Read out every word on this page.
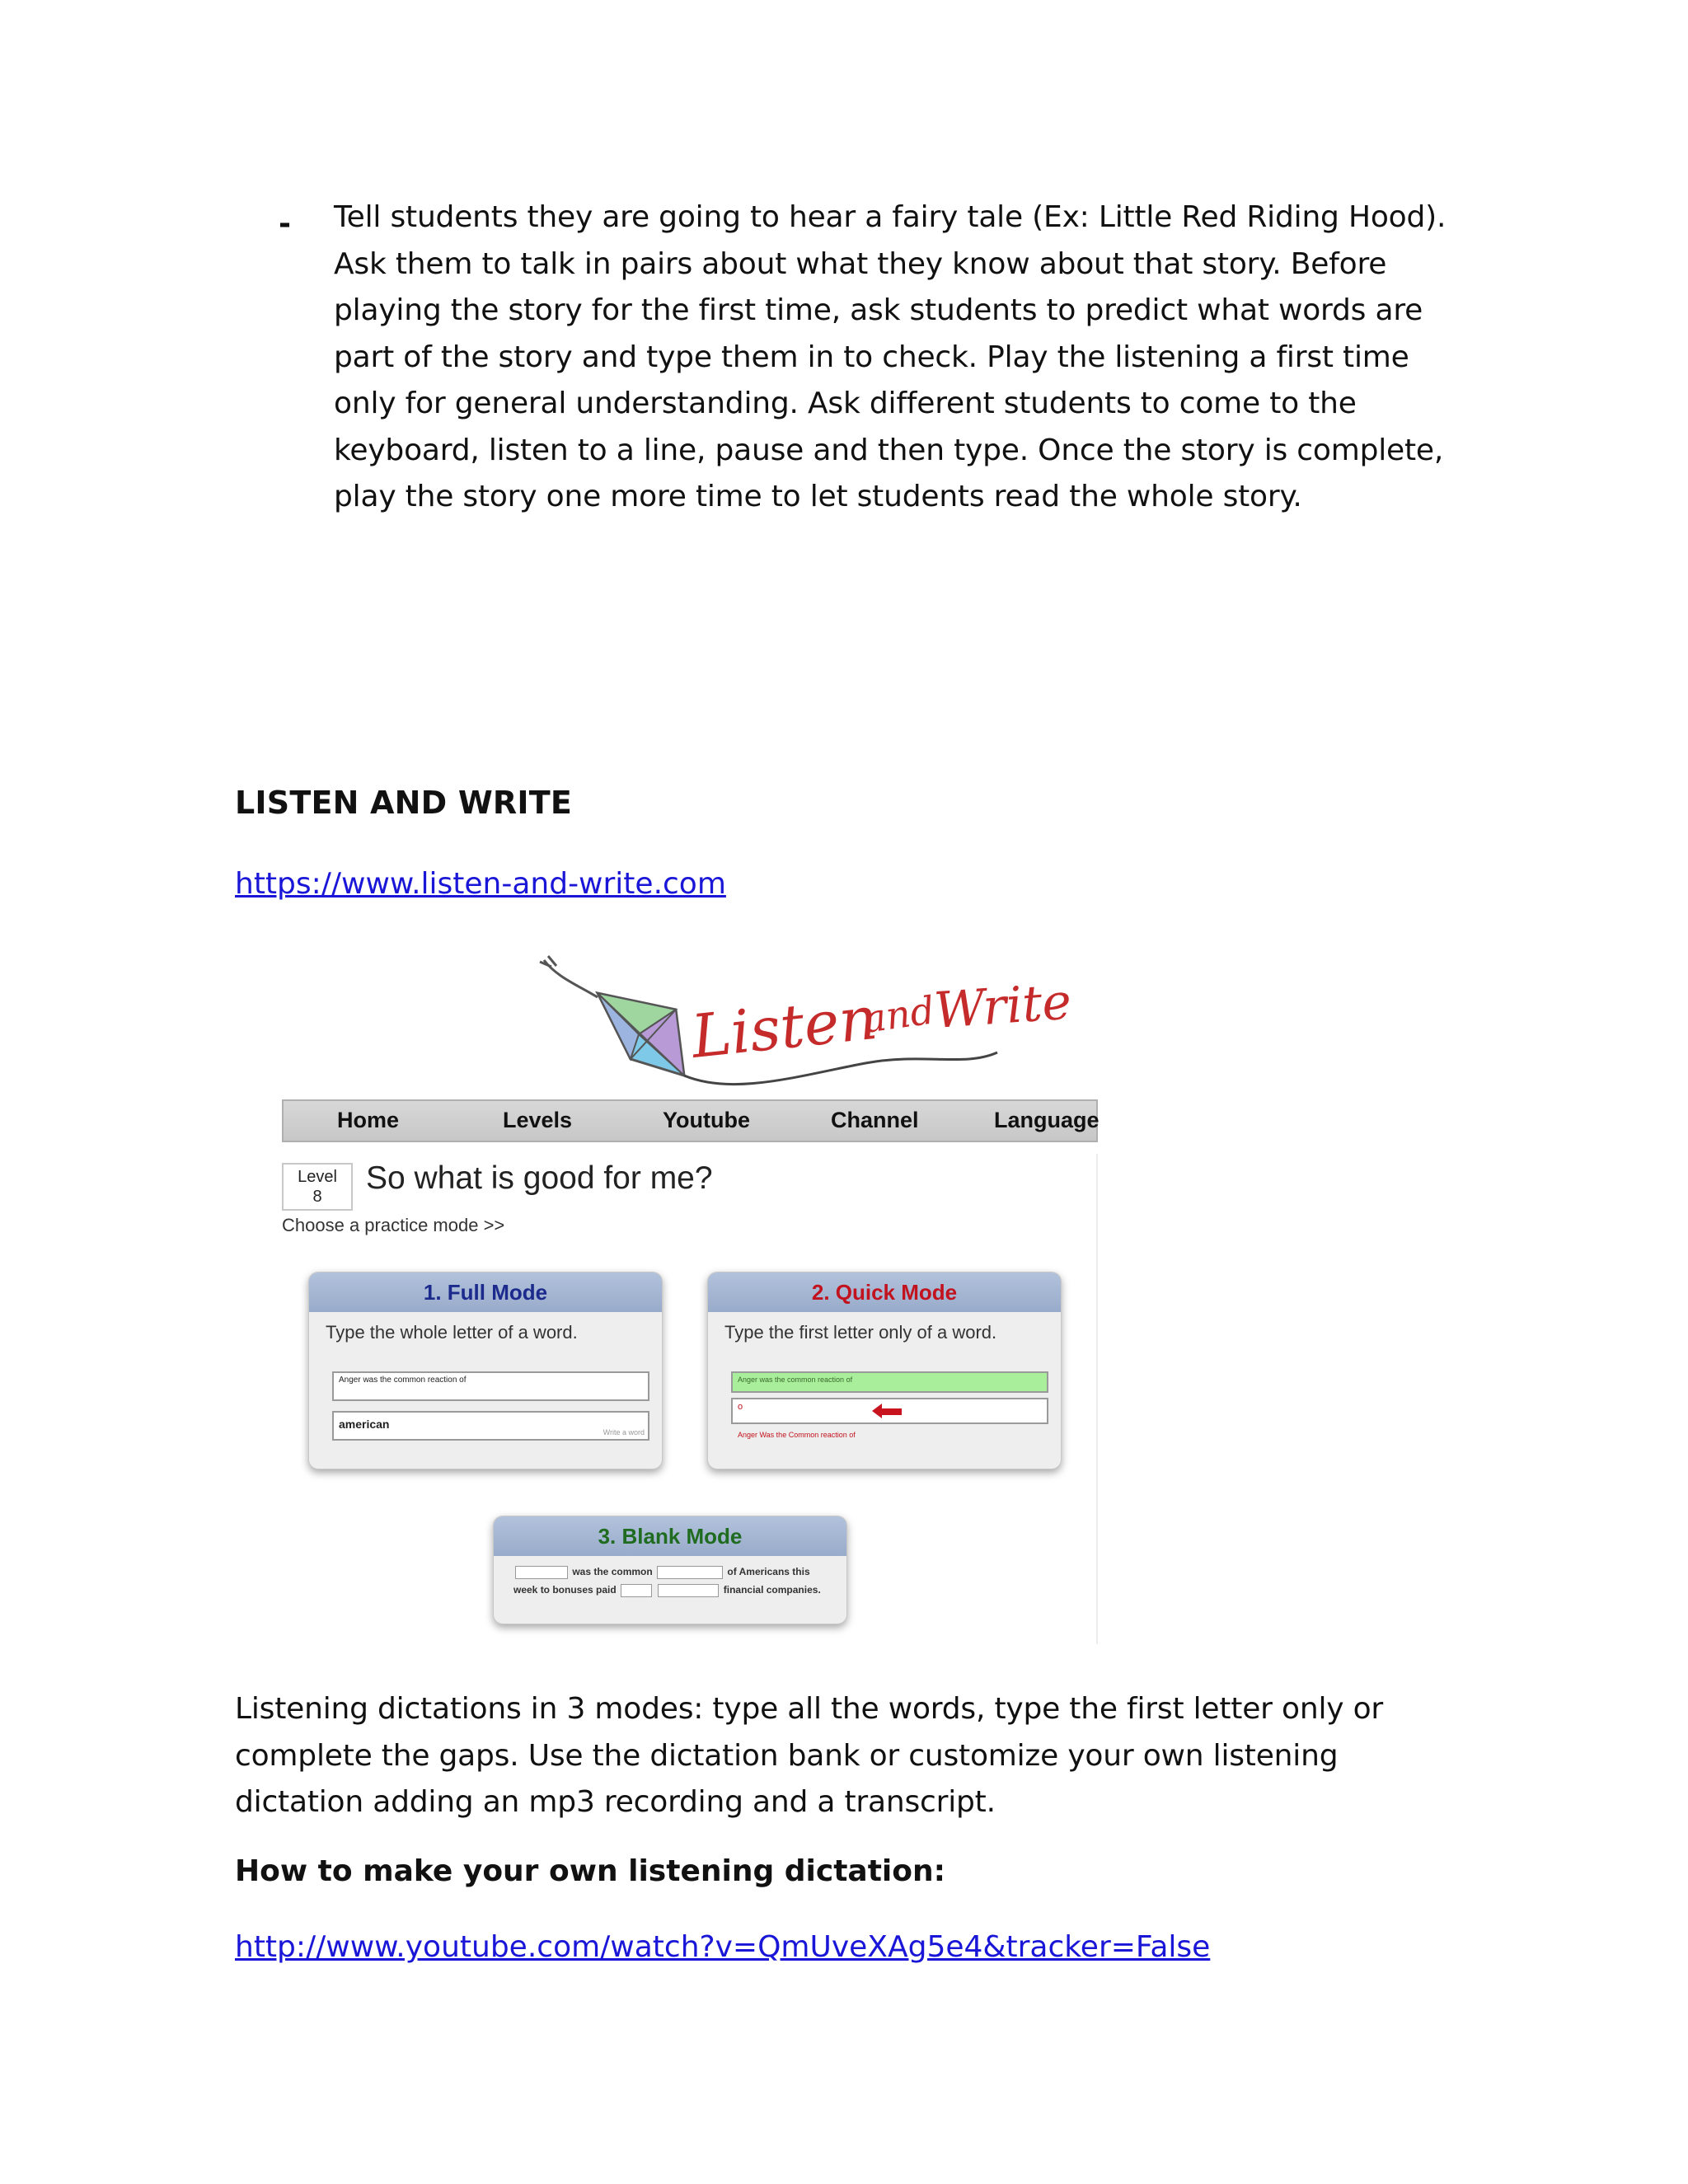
- Tell students they are going to hear a fairy tale (Ex: Little Red Riding Hood). Ask them to talk in pairs about what they know about that story. Before playing the story for the first time, ask students to predict what words are part of the story and type them in to check. Play the listening a first time only for general understanding. Ask different students to come to the keyboard, listen to a line, pause and then type. Once the story is complete, play the story one more time to let students read the whole story.
LISTEN AND WRITE
https://www.listen-and-write.com
Listen
and
Write
Home	Levels	Youtube	Channel	Language
Level
8
So what is good for me?
Choose a practice mode >>
1. Full Mode
Type the whole letter of a word.
Anger was the common reaction of
american
Write a word
2. Quick Mode
Type the first letter only of a word.
Anger was the common reaction of
o
Anger Was the Common reaction of
3. Blank Mode
was the common	of Americans this
week to bonuses paid	financial companies.
Listening dictations in 3 modes: type all the words, type the first letter only or complete the gaps. Use the dictation bank or customize your own listening dictation adding an mp3 recording and a transcript.
How to make your own listening dictation:
http://www.youtube.com/watch?v=QmUveXAg5e4&tracker=False
